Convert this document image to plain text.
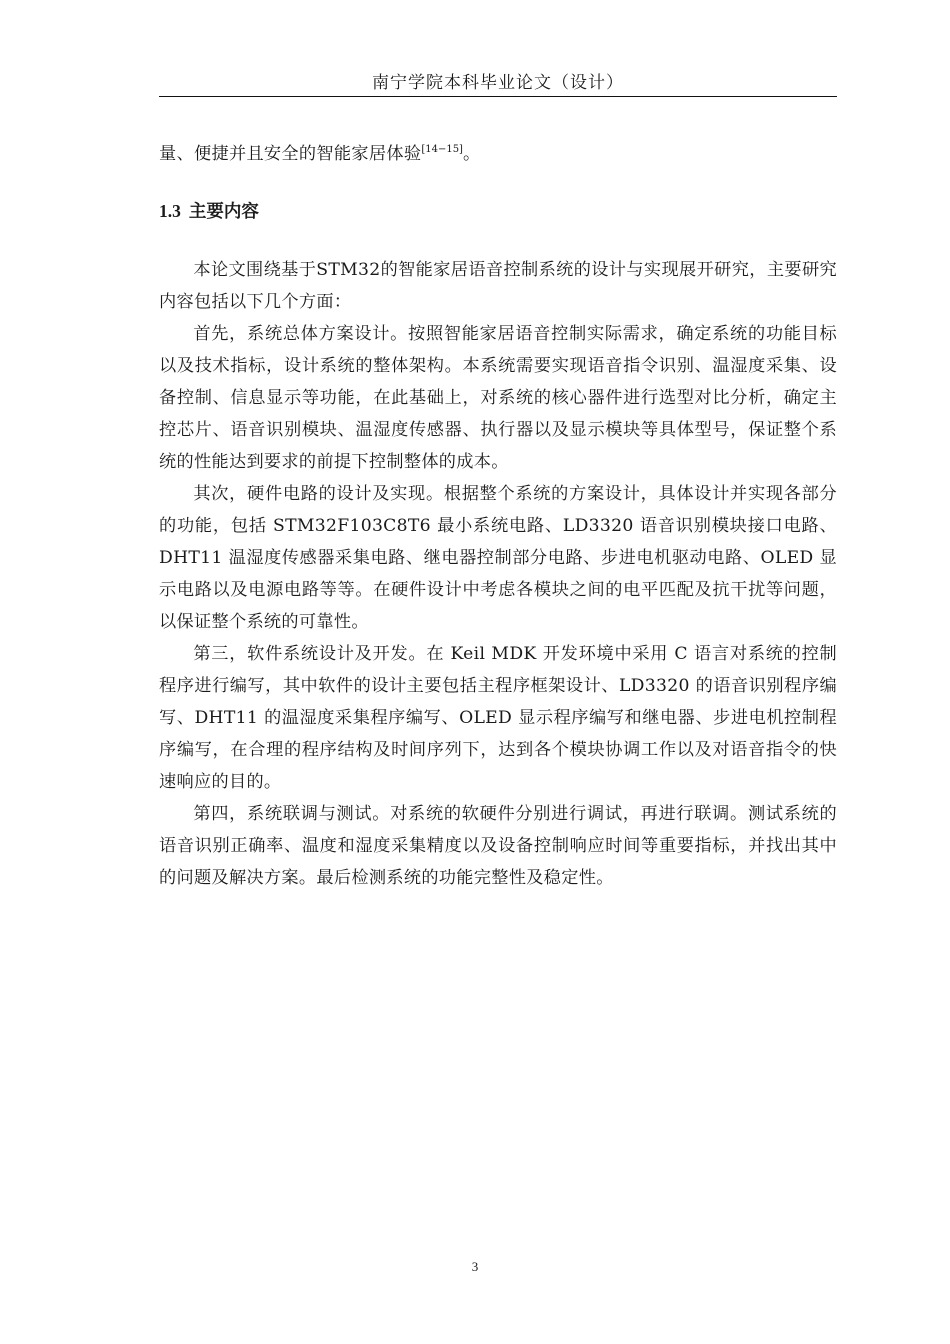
南宁学院本科毕业论文（设计）
量、便捷并且安全的智能家居体验[14−15]。
1.3 主要内容

本论文围绕基于STM32的智能家居语音控制系统的设计与实现展开研究，主要研究内容包括以下几个方面：

首先，系统总体方案设计。按照智能家居语音控制实际需求，确定系统的功能目标以及技术指标，设计系统的整体架构。本系统需要实现语音指令识别、温湿度采集、设备控制、信息显示等功能，在此基础上，对系统的核心器件进行选型对比分析，确定主控芯片、语音识别模块、温湿度传感器、执行器以及显示模块等具体型号，保证整个系统的性能达到要求的前提下控制整体的成本。

其次，硬件电路的设计及实现。根据整个系统的方案设计，具体设计并实现各部分的功能，包括 STM32F103C8T6 最小系统电路、LD3320 语音识别模块接口电路、DHT11 温湿度传感器采集电路、继电器控制部分电路、步进电机驱动电路、OLED 显示电路以及电源电路等等。在硬件设计中考虑各模块之间的电平匹配及抗干扰等问题，以保证整个系统的可靠性。

第三，软件系统设计及开发。在 Keil MDK 开发环境中采用 C 语言对系统的控制程序进行编写，其中软件的设计主要包括主程序框架设计、LD3320 的语音识别程序编写、DHT11 的温湿度采集程序编写、OLED 显示程序编写和继电器、步进电机控制程序编写，在合理的程序结构及时间序列下，达到各个模块协调工作以及对语音指令的快速响应的目的。

第四，系统联调与测试。对系统的软硬件分别进行调试，再进行联调。测试系统的语音识别正确率、温度和湿度采集精度以及设备控制响应时间等重要指标，并找出其中的问题及解决方案。最后检测系统的功能完整性及稳定性。

3
